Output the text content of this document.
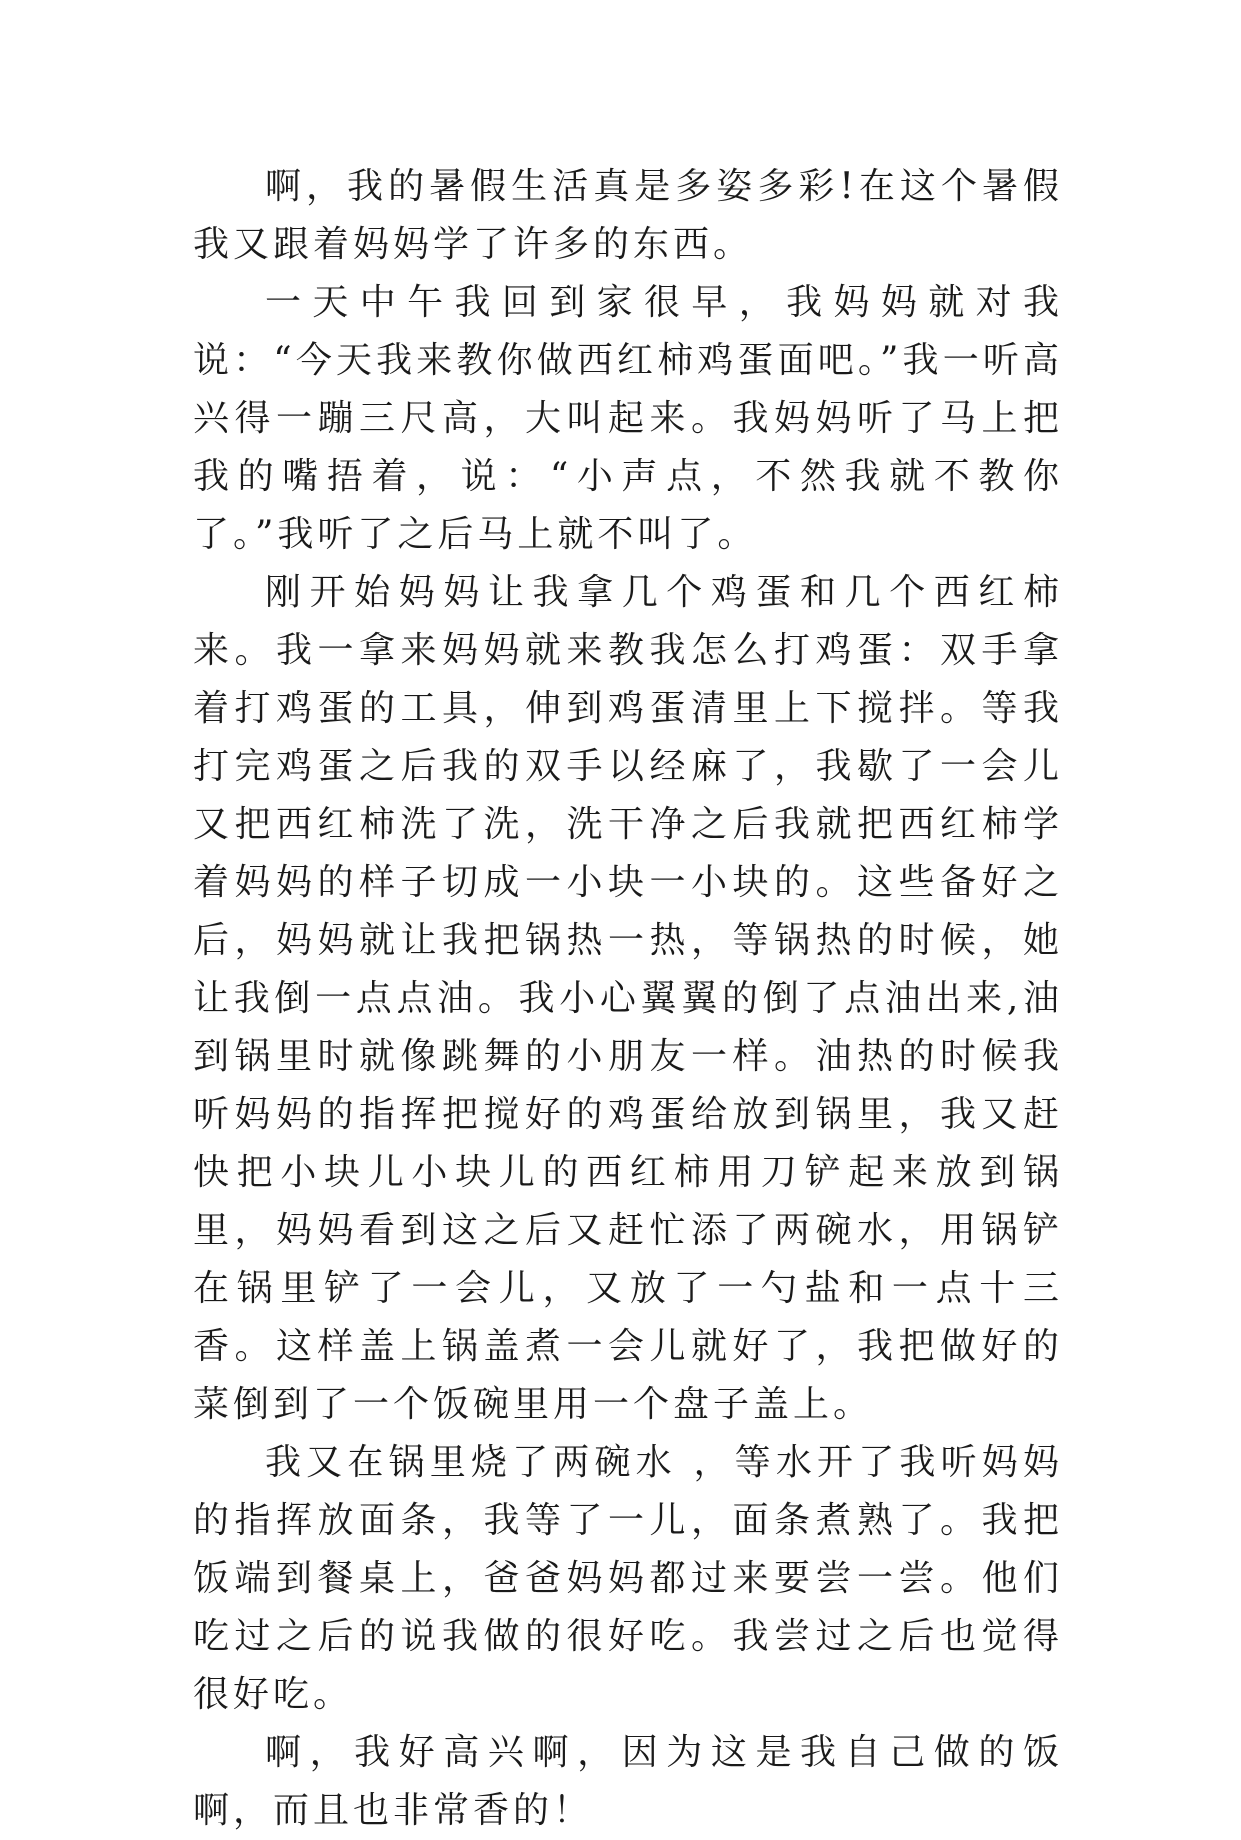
啊，我的暑假生活真是多姿多彩!在这个暑假我又跟着妈妈学了许多的东西。

一天中午我回到家很早，我妈妈就对我说：“今天我来教你做西红柿鸡蛋面吧。”我一听高兴得一蹦三尺高，大叫起来。我妈妈听了马上把我的嘴捂着，说：“小声点，不然我就不教你了。”我听了之后马上就不叫了。

刚开始妈妈让我拿几个鸡蛋和几个西红柿来。我一拿来妈妈就来教我怎么打鸡蛋：双手拿着打鸡蛋的工具，伸到鸡蛋清里上下搅拌。等我打完鸡蛋之后我的双手以经麻了，我歇了一会儿又把西红柿洗了洗，洗干净之后我就把西红柿学着妈妈的样子切成一小块一小块的。这些备好之后，妈妈就让我把锅热一热，等锅热的时候，她让我倒一点点油。我小心翼翼的倒了点油出来,油到锅里时就像跳舞的小朋友一样。油热的时候我听妈妈的指挥把搅好的鸡蛋给放到锅里，我又赶快把小块儿小块儿的西红柿用刀铲起来放到锅里，妈妈看到这之后又赶忙添了两碗水，用锅铲在锅里铲了一会儿，又放了一勺盐和一点十三香。这样盖上锅盖煮一会儿就好了，我把做好的菜倒到了一个饭碗里用一个盘子盖上。

我又在锅里烧了两碗水 ，等水开了我听妈妈的指挥放面条，我等了一儿，面条煮熟了。我把饭端到餐桌上，爸爸妈妈都过来要尝一尝。他们吃过之后的说我做的很好吃。我尝过之后也觉得很好吃。

啊，我好高兴啊，因为这是我自己做的饭啊，而且也非常香的！
